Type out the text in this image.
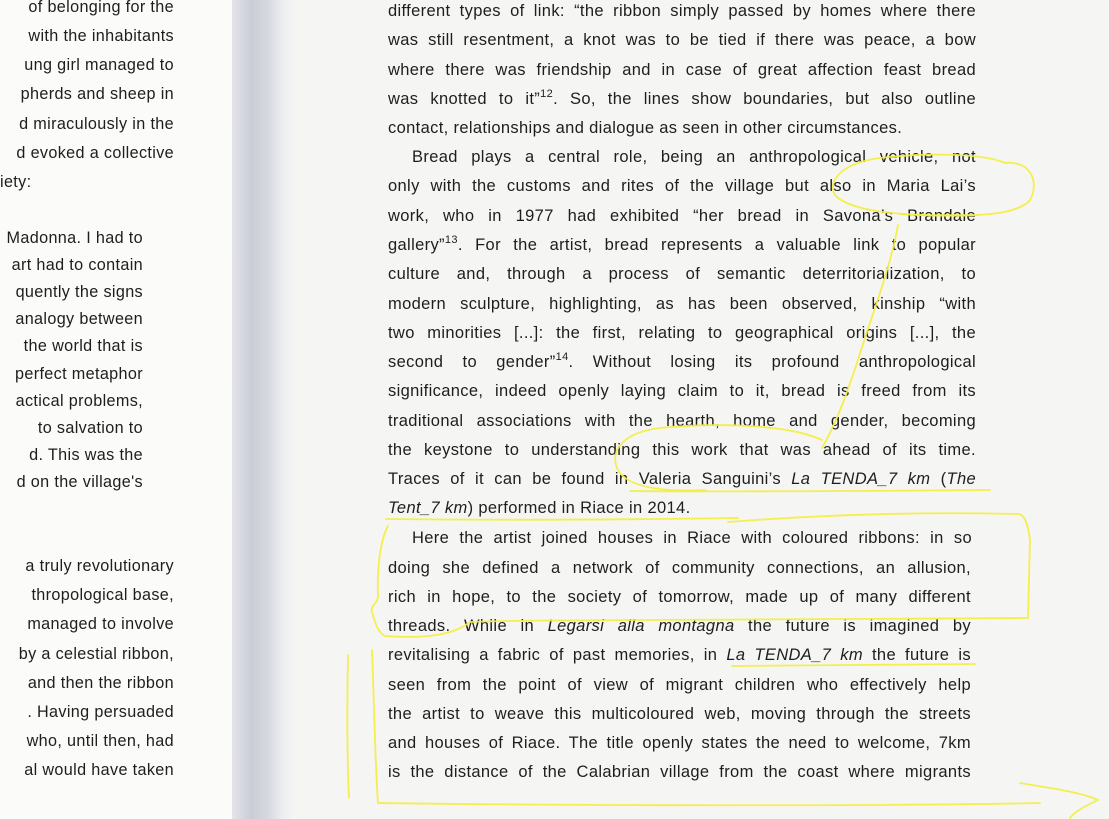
of belonging for the
with the inhabitants
ung girl managed to
pherds and sheep in
d miraculously in the
d evoked a collective
iety:
Madonna. I had to
art had to contain
quently the signs
analogy between
the world that is
perfect metaphor
actical problems,
to salvation to
d. This was the
d on the village's
a truly revolutionary
thropological base,
managed to involve
by a celestial ribbon,
and then the ribbon
. Having persuaded
who, until then, had
al would have taken
different types of link: “the ribbon simply passed by homes where there
was still resentment, a knot was to be tied if there was peace, a bow
where there was friendship and in case of great affection feast bread
was knotted to it”$^{12}$. So, the lines show boundaries, but also outline
contact, relationships and dialogue as seen in other circumstances.
Bread plays a central role, being an anthropological vehicle, not
only with the customs and rites of the village but also in Maria Lai’s
work, who in 1977 had exhibited “her bread in Savona’s Brandale
gallery”$^{13}$. For the artist, bread represents a valuable link to popular
culture and, through a process of semantic deterritorialization, to
modern sculpture, highlighting, as has been observed, kinship “with
two minorities [...]: the first, relating to geographical origins [...], the
second to gender”$^{14}$. Without losing its profound anthropological
significance, indeed openly laying claim to it, bread is freed from its
traditional associations with the hearth, home and gender, becoming
the keystone to understanding this work that was ahead of its time.
Traces of it can be found in Valeria Sanguini’s La TENDA_7 km (The
Tent_7 km) performed in Riace in 2014.
Here the artist joined houses in Riace with coloured ribbons: in so
doing she defined a network of community connections, an allusion,
rich in hope, to the society of tomorrow, made up of many different
threads. While in Legarsi alla montagna the future is imagined by
revitalising a fabric of past memories, in La TENDA_7 km the future is
seen from the point of view of migrant children who effectively help
the artist to weave this multicoloured web, moving through the streets
and houses of Riace. The title openly states the need to welcome, 7km
is the distance of the Calabrian village from the coast where migrants
